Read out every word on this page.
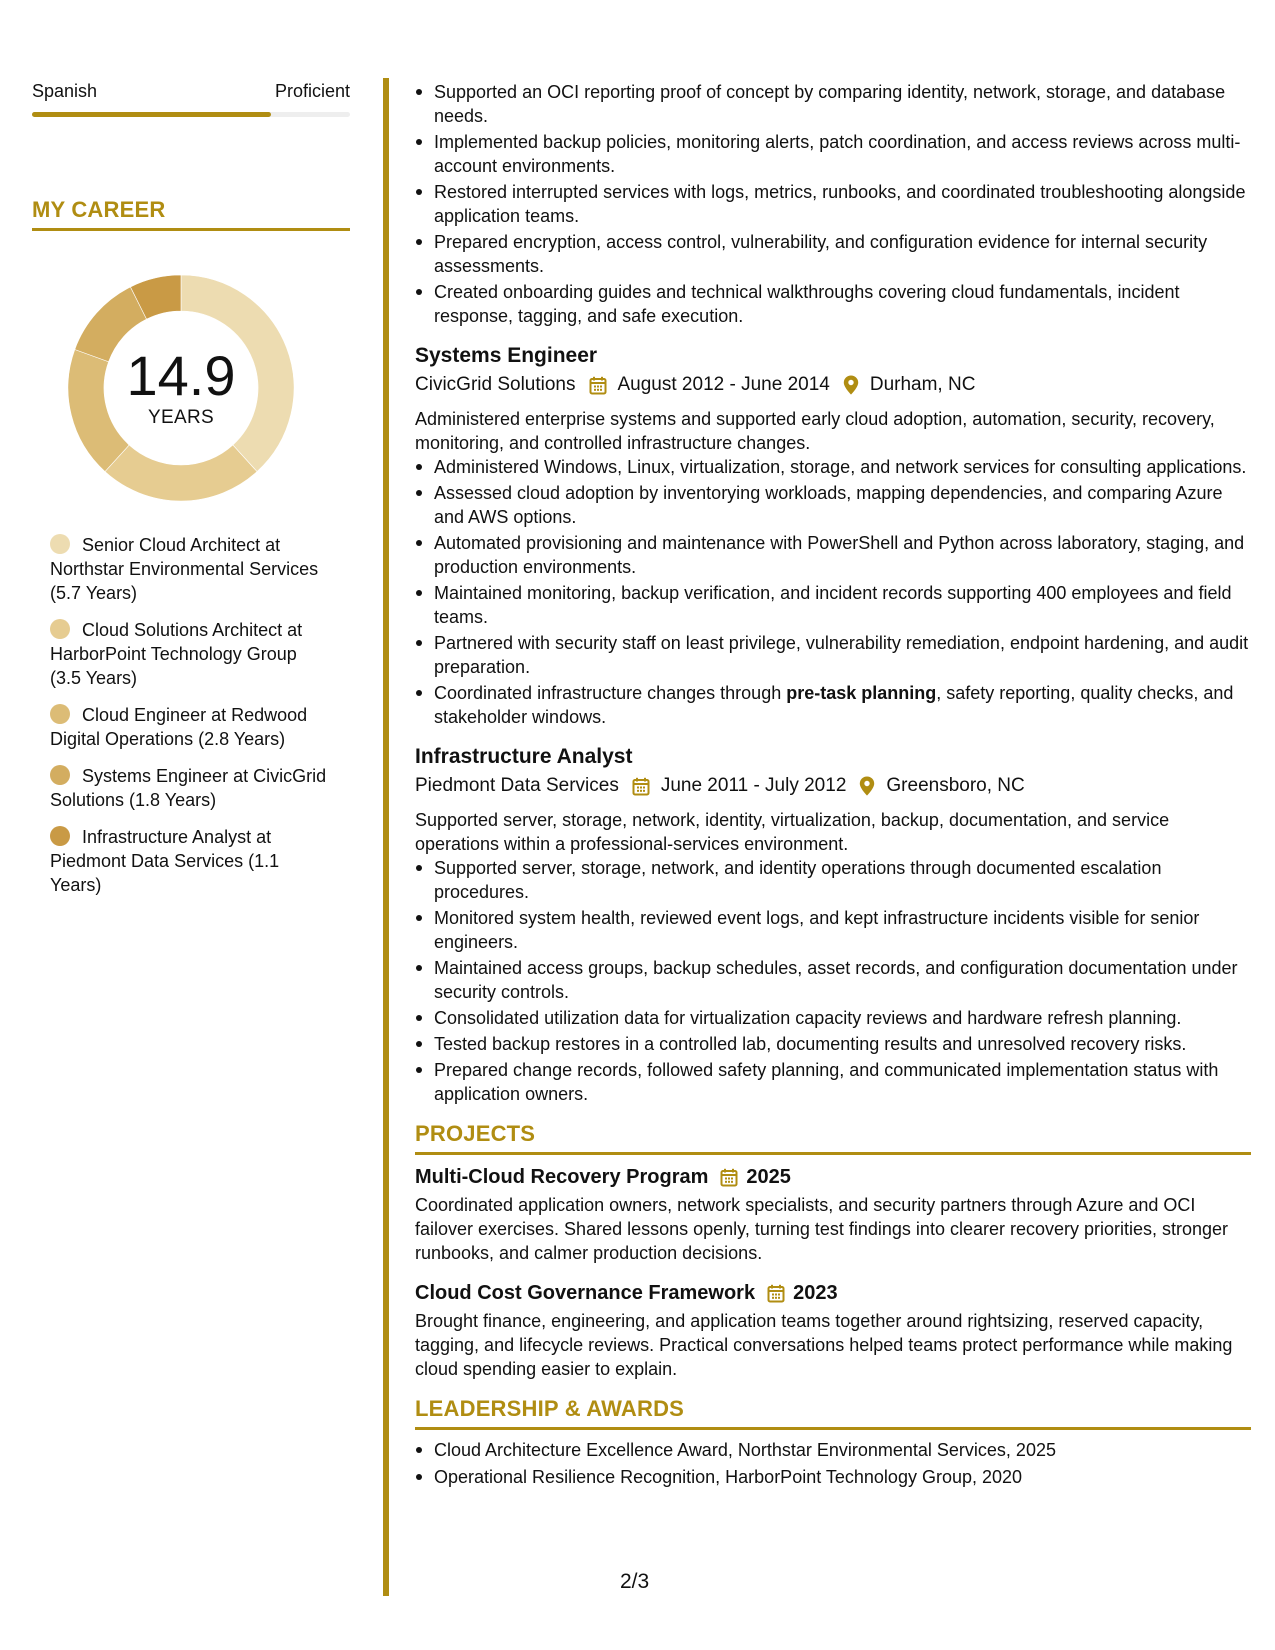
Spanish	Proficient
MY CAREER
14.9
YEARS
Senior Cloud Architect at Northstar Environmental Services (5.7 Years)
Cloud Solutions Architect at HarborPoint Technology Group (3.5 Years)
Cloud Engineer at Redwood Digital Operations (2.8 Years)
Systems Engineer at CivicGrid Solutions (1.8 Years)
Infrastructure Analyst at Piedmont Data Services (1.1 Years)
Supported an OCI reporting proof of concept by comparing identity, network, storage, and database needs.
Implemented backup policies, monitoring alerts, patch coordination, and access reviews across multi-account environments.
Restored interrupted services with logs, metrics, runbooks, and coordinated troubleshooting alongside application teams.
Prepared encryption, access control, vulnerability, and configuration evidence for internal security assessments.
Created onboarding guides and technical walkthroughs covering cloud fundamentals, incident response, tagging, and safe execution.
Systems Engineer
CivicGrid Solutions August 2012 - June 2014 Durham, NC
Administered enterprise systems and supported early cloud adoption, automation, security, recovery, monitoring, and controlled infrastructure changes.
Administered Windows, Linux, virtualization, storage, and network services for consulting applications.
Assessed cloud adoption by inventorying workloads, mapping dependencies, and comparing Azure and AWS options.
Automated provisioning and maintenance with PowerShell and Python across laboratory, staging, and production environments.
Maintained monitoring, backup verification, and incident records supporting 400 employees and field teams.
Partnered with security staff on least privilege, vulnerability remediation, endpoint hardening, and audit preparation.
Coordinated infrastructure changes through pre-task planning, safety reporting, quality checks, and stakeholder windows.
Infrastructure Analyst
Piedmont Data Services June 2011 - July 2012 Greensboro, NC
Supported server, storage, network, identity, virtualization, backup, documentation, and service operations within a professional-services environment.
Supported server, storage, network, and identity operations through documented escalation procedures.
Monitored system health, reviewed event logs, and kept infrastructure incidents visible for senior engineers.
Maintained access groups, backup schedules, asset records, and configuration documentation under security controls.
Consolidated utilization data for virtualization capacity reviews and hardware refresh planning.
Tested backup restores in a controlled lab, documenting results and unresolved recovery risks.
Prepared change records, followed safety planning, and communicated implementation status with application owners.
PROJECTS
Multi-Cloud Recovery Program 2025
Coordinated application owners, network specialists, and security partners through Azure and OCI failover exercises. Shared lessons openly, turning test findings into clearer recovery priorities, stronger runbooks, and calmer production decisions.
Cloud Cost Governance Framework 2023
Brought finance, engineering, and application teams together around rightsizing, reserved capacity, tagging, and lifecycle reviews. Practical conversations helped teams protect performance while making cloud spending easier to explain.
LEADERSHIP & AWARDS
Cloud Architecture Excellence Award, Northstar Environmental Services, 2025
Operational Resilience Recognition, HarborPoint Technology Group, 2020
2/3
